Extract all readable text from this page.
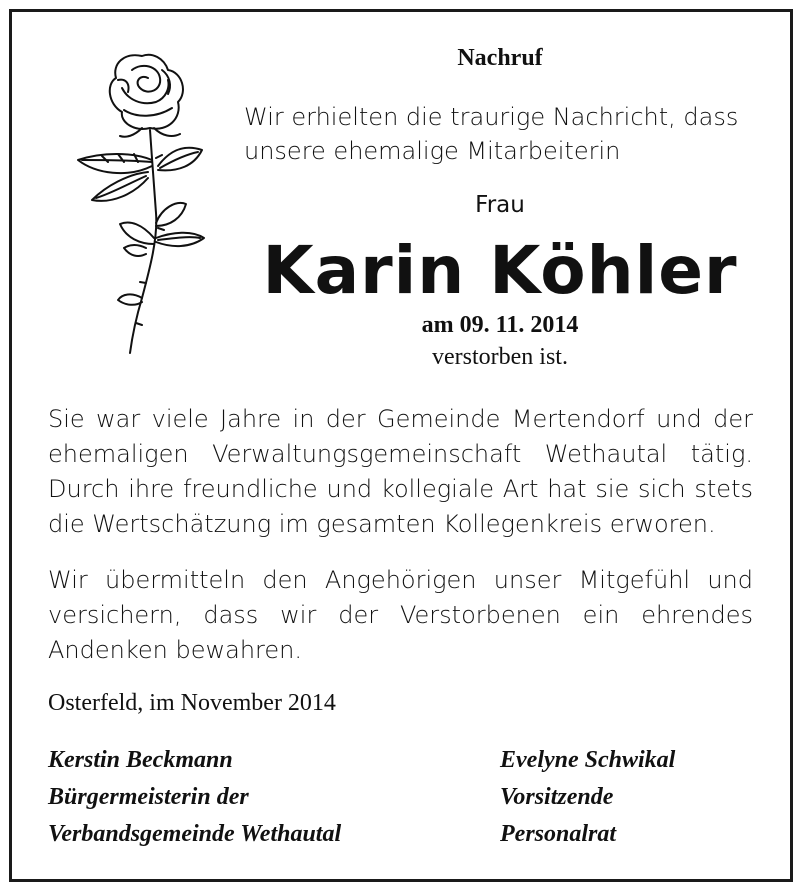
Nachruf
Wir erhielten die traurige Nachricht, dass
unsere ehemalige Mitarbeiterin
Frau
Karin Köhler
am 09. 11. 2014
verstorben ist.
Sie war viele Jahre in der Gemeinde Mertendorf und der ehemaligen Verwaltungsgemeinschaft Wethautal tätig. Durch ihre freundliche und kollegiale Art hat sie sich stets die Wertschätzung im gesamten Kollegenkreis erworen.
Wir übermitteln den Angehörigen unser Mitgefühl und versichern, dass wir der Verstorbenen ein ehrendes Andenken bewahren.
Osterfeld, im November 2014
Kerstin Beckmann
Bürgermeisterin der
Verbandsgemeinde Wethautal
Evelyne Schwikal
Vorsitzende
Personalrat
